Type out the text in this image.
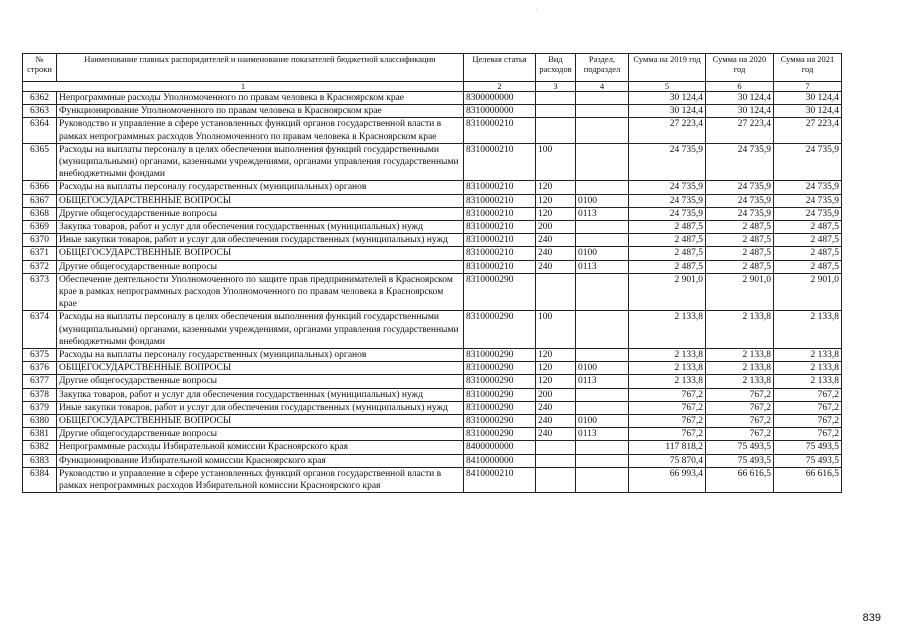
·
№ строки	Наименование главных распорядителей и наименование показателей бюджетной классификации	Целевая статья	Вид расходов	Раздел, подраздел	Сумма на 2019 год	Сумма на 2020 год	Сумма на 2021 год
1		2	3	4	5	6	7
6362	Непрограммные расходы Уполномоченного по правам человека в Красноярском крае	8300000000			30 124,4	30 124,4	30 124,4
6363	Функционирование Уполномоченного по правам человека в Красноярском крае	8310000000			30 124,4	30 124,4	30 124,4
6364	Руководство и управление в сфере установленных функций органов государственной власти в рамках непрограммных расходов Уполномоченного по правам человека в Красноярском крае	8310000210			27 223,4	27 223,4	27 223,4
6365	Расходы на выплаты персоналу в целях обеспечения выполнения функций государственными (муниципальными) органами, казенными учреждениями, органами управления государственными внебюджетными фондами	8310000210	100		24 735,9	24 735,9	24 735,9
6366	Расходы на выплаты персоналу государственных (муниципальных) органов	8310000210	120		24 735,9	24 735,9	24 735,9
6367	ОБЩЕГОСУДАРСТВЕННЫЕ ВОПРОСЫ	8310000210	120	0100	24 735,9	24 735,9	24 735,9
6368	Другие общегосударственные вопросы	8310000210	120	0113	24 735,9	24 735,9	24 735,9
6369	Закупка товаров, работ и услуг для обеспечения государственных (муниципальных) нужд	8310000210	200		2 487,5	2 487,5	2 487,5
6370	Иные закупки товаров, работ и услуг для обеспечения государственных (муниципальных) нужд	8310000210	240		2 487,5	2 487,5	2 487,5
6371	ОБЩЕГОСУДАРСТВЕННЫЕ ВОПРОСЫ	8310000210	240	0100	2 487,5	2 487,5	2 487,5
6372	Другие общегосударственные вопросы	8310000210	240	0113	2 487,5	2 487,5	2 487,5
6373	Обеспечение деятельности Уполномоченного по защите прав предпринимателей в Красноярском крае в рамках непрограммных расходов Уполномоченного по правам человека в Красноярском крае	8310000290			2 901,0	2 901,0	2 901,0
6374	Расходы на выплаты персоналу в целях обеспечения выполнения функций государственными (муниципальными) органами, казенными учреждениями, органами управления государственными внебюджетными фондами	8310000290	100		2 133,8	2 133,8	2 133,8
6375	Расходы на выплаты персоналу государственных (муниципальных) органов	8310000290	120		2 133,8	2 133,8	2 133,8
6376	ОБЩЕГОСУДАРСТВЕННЫЕ ВОПРОСЫ	8310000290	120	0100	2 133,8	2 133,8	2 133,8
6377	Другие общегосударственные вопросы	8310000290	120	0113	2 133,8	2 133,8	2 133,8
6378	Закупка товаров, работ и услуг для обеспечения государственных (муниципальных) нужд	8310000290	200		767,2	767,2	767,2
6379	Иные закупки товаров, работ и услуг для обеспечения государственных (муниципальных) нужд	8310000290	240		767,2	767,2	767,2
6380	ОБЩЕГОСУДАРСТВЕННЫЕ ВОПРОСЫ	8310000290	240	0100	767,2	767,2	767,2
6381	Другие общегосударственные вопросы	8310000290	240	0113	767,2	767,2	767,2
6382	Непрограммные расходы Избирательной комиссии Красноярского края	8400000000			117 818,2	75 493,5	75 493,5
6383	Функционирование Избирательной комиссии Красноярского края	8410000000			75 870,4	75 493,5	75 493,5
6384	Руководство и управление в сфере установленных функций органов государственной власти в рамках непрограммных расходов Избирательной комиссии Красноярского края	8410000210			66 993,4	66 616,5	66 616,5
839
